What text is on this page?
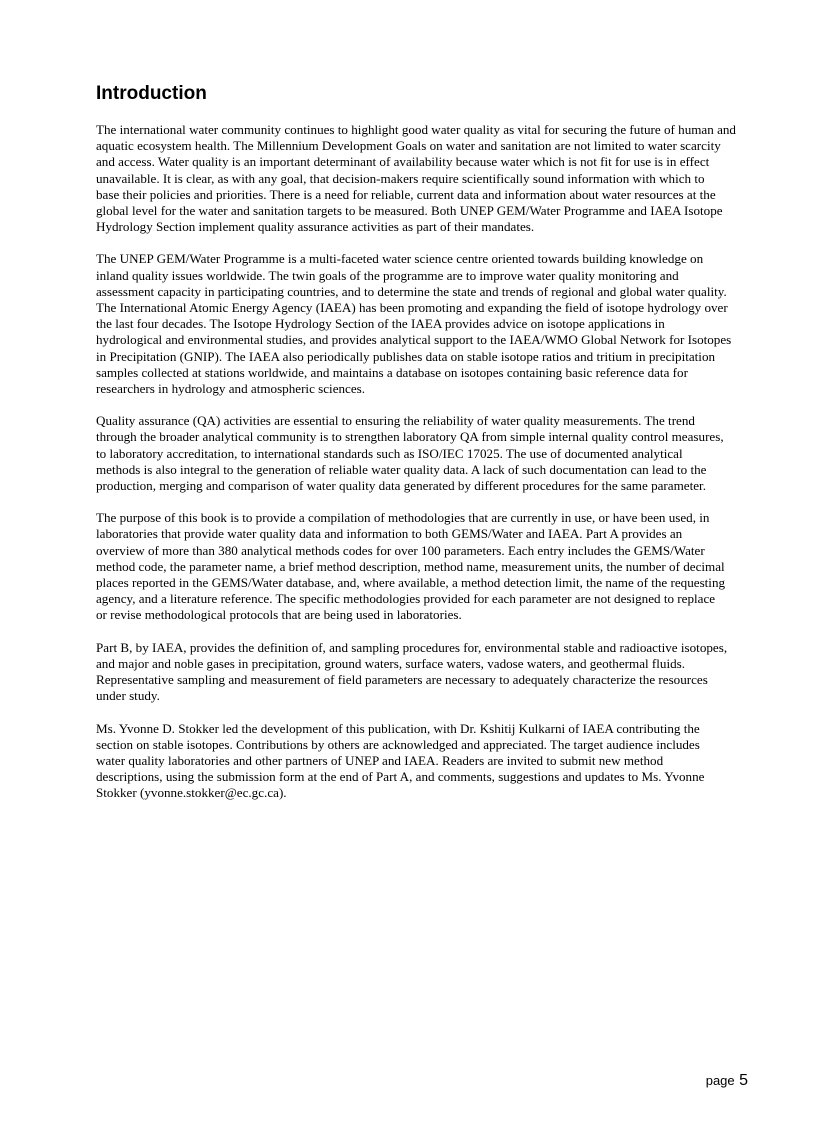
Introduction

The international water community continues to highlight good water quality as vital for securing the future of human and
aquatic ecosystem health. The Millennium Development Goals on water and sanitation are not limited to water scarcity
and access. Water quality is an important determinant of availability because water which is not fit for use is in effect
unavailable. It is clear, as with any goal, that decision-makers require scientifically sound information with which to
base their policies and priorities. There is a need for reliable, current data and information about water resources at the
global level for the water and sanitation targets to be measured. Both UNEP GEM/Water Programme and IAEA Isotope
Hydrology Section implement quality assurance activities as part of their mandates.

The UNEP GEM/Water Programme is a multi-faceted water science centre oriented towards building knowledge on
inland quality issues worldwide. The twin goals of the programme are to improve water quality monitoring and
assessment capacity in participating countries, and to determine the state and trends of regional and global water quality.
The International Atomic Energy Agency (IAEA) has been promoting and expanding the field of isotope hydrology over
the last four decades. The Isotope Hydrology Section of the IAEA provides advice on isotope applications in
hydrological and environmental studies, and provides analytical support to the IAEA/WMO Global Network for Isotopes
in Precipitation (GNIP). The IAEA also periodically publishes data on stable isotope ratios and tritium in precipitation
samples collected at stations worldwide, and maintains a database on isotopes containing basic reference data for
researchers in hydrology and atmospheric sciences.

Quality assurance (QA) activities are essential to ensuring the reliability of water quality measurements. The trend
through the broader analytical community is to strengthen laboratory QA from simple internal quality control measures,
to laboratory accreditation, to international standards such as ISO/IEC 17025. The use of documented analytical
methods is also integral to the generation of reliable water quality data. A lack of such documentation can lead to the
production, merging and comparison of water quality data generated by different procedures for the same parameter.

The purpose of this book is to provide a compilation of methodologies that are currently in use, or have been used, in
laboratories that provide water quality data and information to both GEMS/Water and IAEA. Part A provides an
overview of more than 380 analytical methods codes for over 100 parameters. Each entry includes the GEMS/Water
method code, the parameter name, a brief method description, method name, measurement units, the number of decimal
places reported in the GEMS/Water database, and, where available, a method detection limit, the name of the requesting
agency, and a literature reference. The specific methodologies provided for each parameter are not designed to replace
or revise methodological protocols that are being used in laboratories.

Part B, by IAEA, provides the definition of, and sampling procedures for, environmental stable and radioactive isotopes,
and major and noble gases in precipitation, ground waters, surface waters, vadose waters, and geothermal fluids.
Representative sampling and measurement of field parameters are necessary to adequately characterize the resources
under study.

Ms. Yvonne D. Stokker led the development of this publication, with Dr. Kshitij Kulkarni of IAEA contributing the
section on stable isotopes. Contributions by others are acknowledged and appreciated. The target audience includes
water quality laboratories and other partners of UNEP and IAEA. Readers are invited to submit new method
descriptions, using the submission form at the end of Part A, and comments, suggestions and updates to Ms. Yvonne
Stokker (yvonne.stokker@ec.gc.ca).

page 5
